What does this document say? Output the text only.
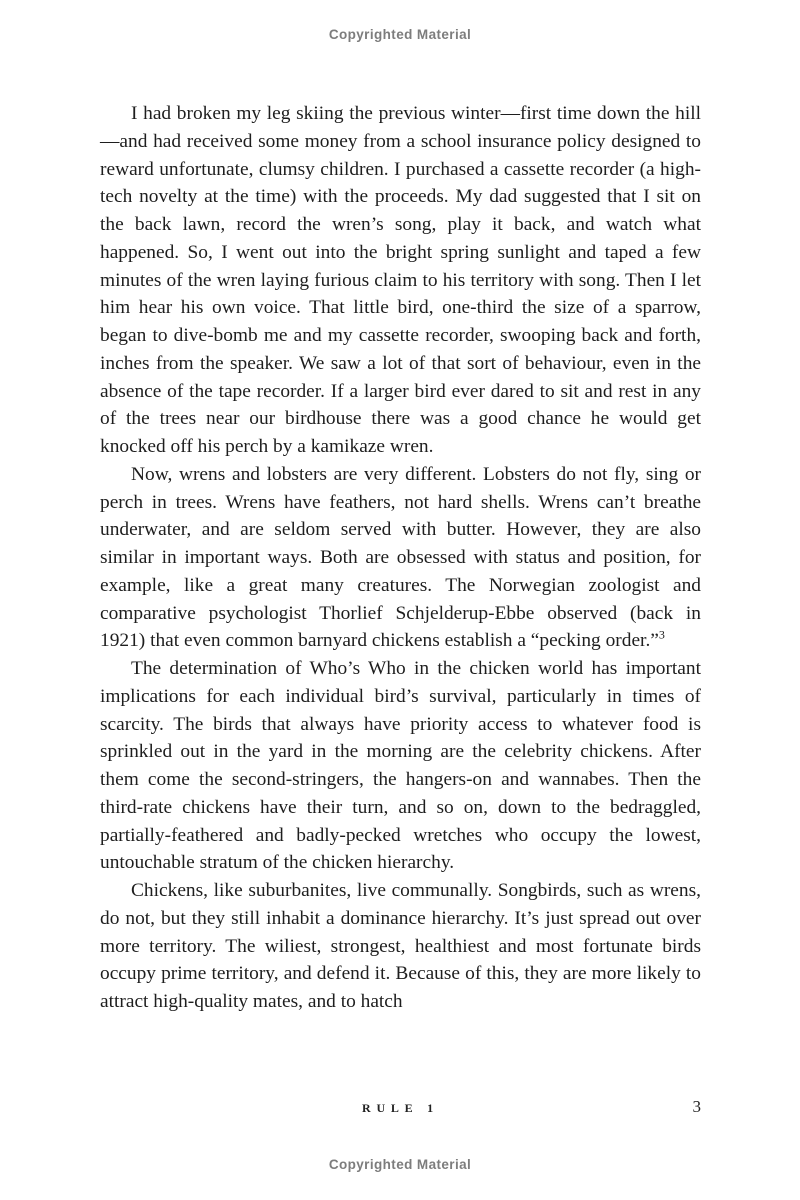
Copyrighted Material

I had broken my leg skiing the previous winter—first time down the hill—and had received some money from a school insurance policy designed to reward unfortunate, clumsy children. I purchased a cassette recorder (a high-tech novelty at the time) with the proceeds. My dad suggested that I sit on the back lawn, record the wren’s song, play it back, and watch what happened. So, I went out into the bright spring sunlight and taped a few minutes of the wren laying furious claim to his territory with song. Then I let him hear his own voice. That little bird, one-third the size of a sparrow, began to dive-bomb me and my cassette recorder, swooping back and forth, inches from the speaker. We saw a lot of that sort of behaviour, even in the absence of the tape recorder. If a larger bird ever dared to sit and rest in any of the trees near our birdhouse there was a good chance he would get knocked off his perch by a kamikaze wren.

Now, wrens and lobsters are very different. Lobsters do not fly, sing or perch in trees. Wrens have feathers, not hard shells. Wrens can’t breathe underwater, and are seldom served with butter. However, they are also similar in important ways. Both are obsessed with status and position, for example, like a great many creatures. The Norwegian zoologist and comparative psychologist Thorlief Schjelderup-Ebbe observed (back in 1921) that even common barnyard chickens establish a “pecking order.”$^3$

The determination of Who’s Who in the chicken world has important implications for each individual bird’s survival, particularly in times of scarcity. The birds that always have priority access to whatever food is sprinkled out in the yard in the morning are the celebrity chickens. After them come the second-stringers, the hangers-on and wannabes. Then the third-rate chickens have their turn, and so on, down to the bedraggled, partially-feathered and badly-pecked wretches who occupy the lowest, untouchable stratum of the chicken hierarchy.

Chickens, like suburbanites, live communally. Songbirds, such as wrens, do not, but they still inhabit a dominance hierarchy. It’s just spread out over more territory. The wiliest, strongest, healthiest and most fortunate birds occupy prime territory, and defend it. Because of this, they are more likely to attract high-quality mates, and to hatch

RULE 1	3
Copyrighted Material
